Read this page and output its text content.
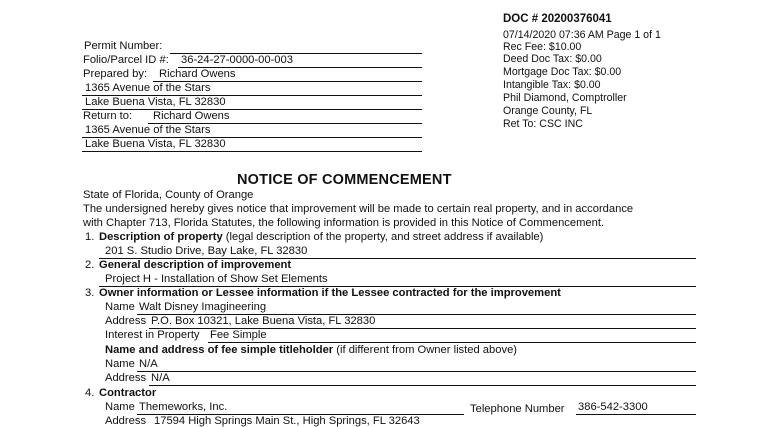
DOC # 20200376041
07/14/2020 07:36 AM Page 1 of 1
Rec Fee: $10.00
Deed Doc Tax: $0.00
Mortgage Doc Tax: $0.00
Intangible Tax: $0.00
Phil Diamond, Comptroller
Orange County, FL
Ret To: CSC INC
Permit Number:
Folio/Parcel ID #: 36-24-27-0000-00-003
Prepared by: Richard Owens
1365 Avenue of the Stars
Lake Buena Vista, FL 32830
Return to: Richard Owens
1365 Avenue of the Stars
Lake Buena Vista, FL 32830
NOTICE OF COMMENCEMENT
State of Florida, County of Orange
The undersigned hereby gives notice that improvement will be made to certain real property, and in accordance
with Chapter 713, Florida Statutes, the following information is provided in this Notice of Commencement.
1. Description of property (legal description of the property, and street address if available)
201 S. Studio Drive, Bay Lake, FL 32830
2. General description of improvement
Project H - Installation of Show Set Elements
3. Owner information or Lessee information if the Lessee contracted for the improvement
Name Walt Disney Imagineering
Address P.O. Box 10321, Lake Buena Vista, FL 32830
Interest in Property Fee Simple
Name and address of fee simple titleholder (if different from Owner listed above)
Name N/A
Address N/A
4. Contractor
Name Themeworks, Inc.	Telephone Number 386-542-3300
Address 17594 High Springs Main St., High Springs, FL 32643
